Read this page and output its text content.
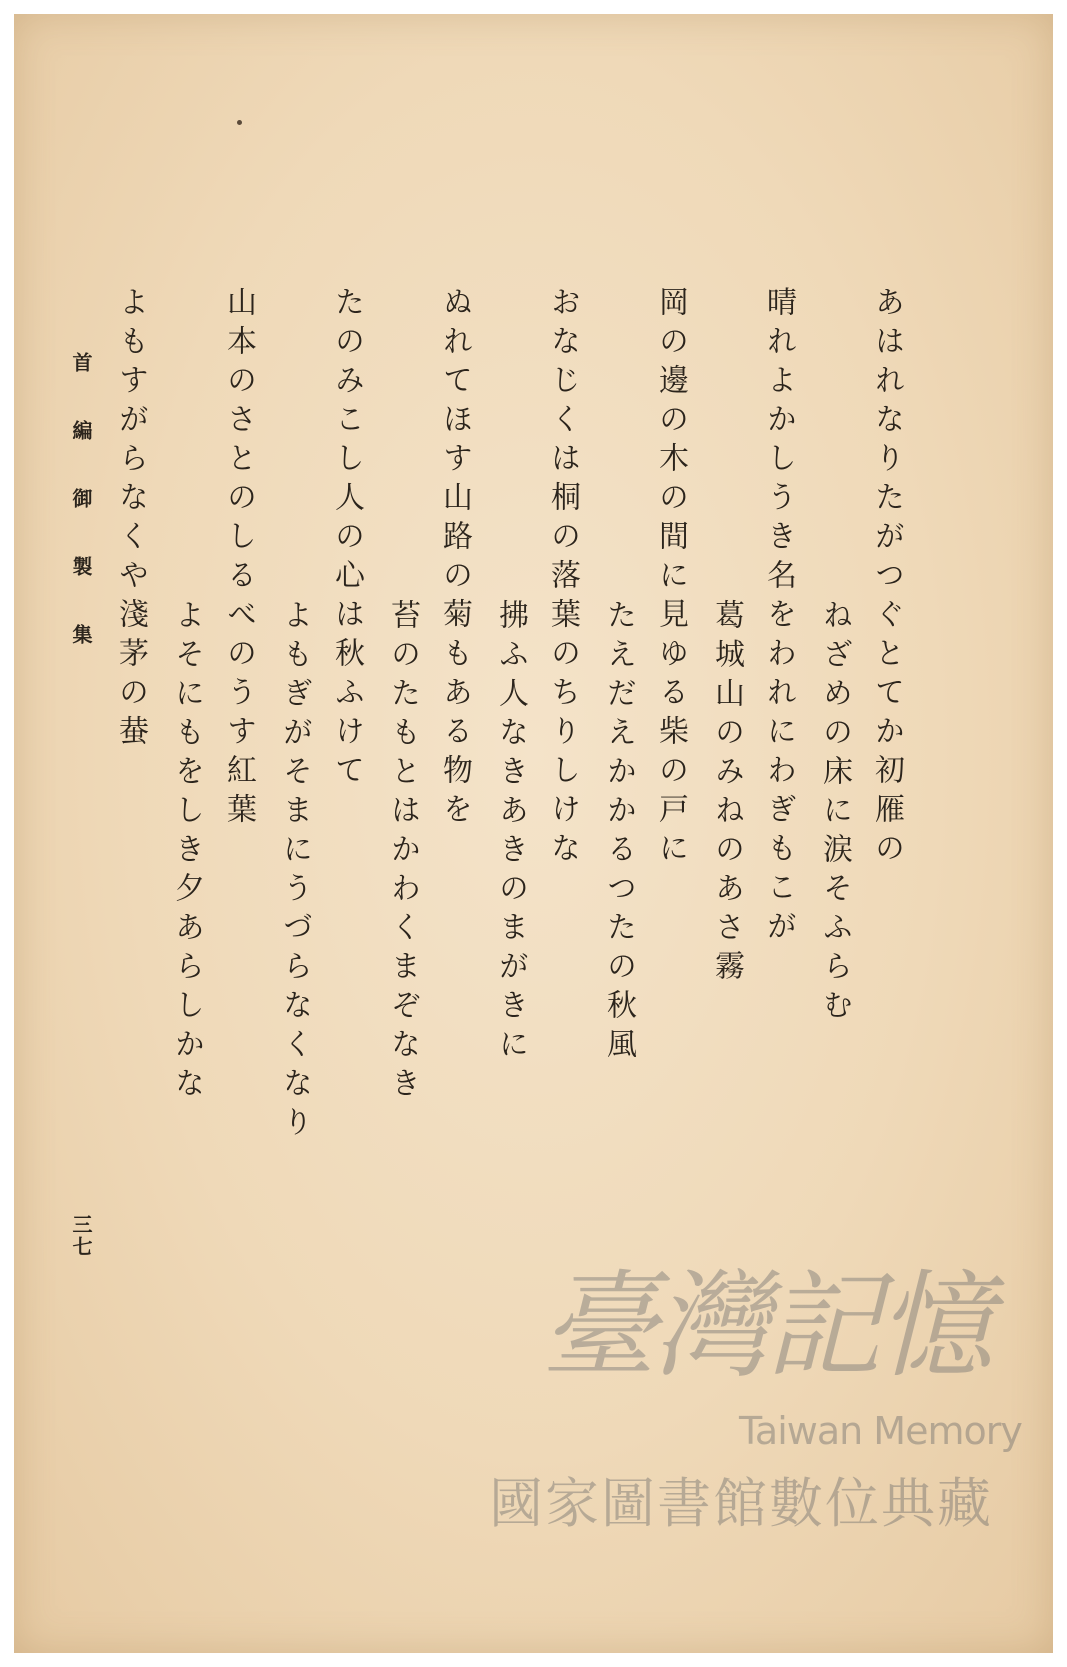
あはれなりたがつぐとてか初雁の

ねざめの床に涙そふらむ

晴れよかしうき名をわれにわぎもこが

葛城山のみねのあさ霧

岡の邊の木の間に見ゆる柴の戸に

たえだえかかるつたの秋風

おなじくは桐の落葉のちりしけな

拂ふ人なきあきのまがきに

ぬれてほす山路の菊もある物を

苔のたもとはかわくまぞなき

たのみこし人の心は秋ふけて

よもぎがそまにうづらなくなり

山本のさとのしるべのうす紅葉

よそにもをしき夕あらしかな

よもすがらなくや淺茅の蛬

首編御製集

三七

臺灣記憶
Taiwan Memory
國家圖書館數位典藏
